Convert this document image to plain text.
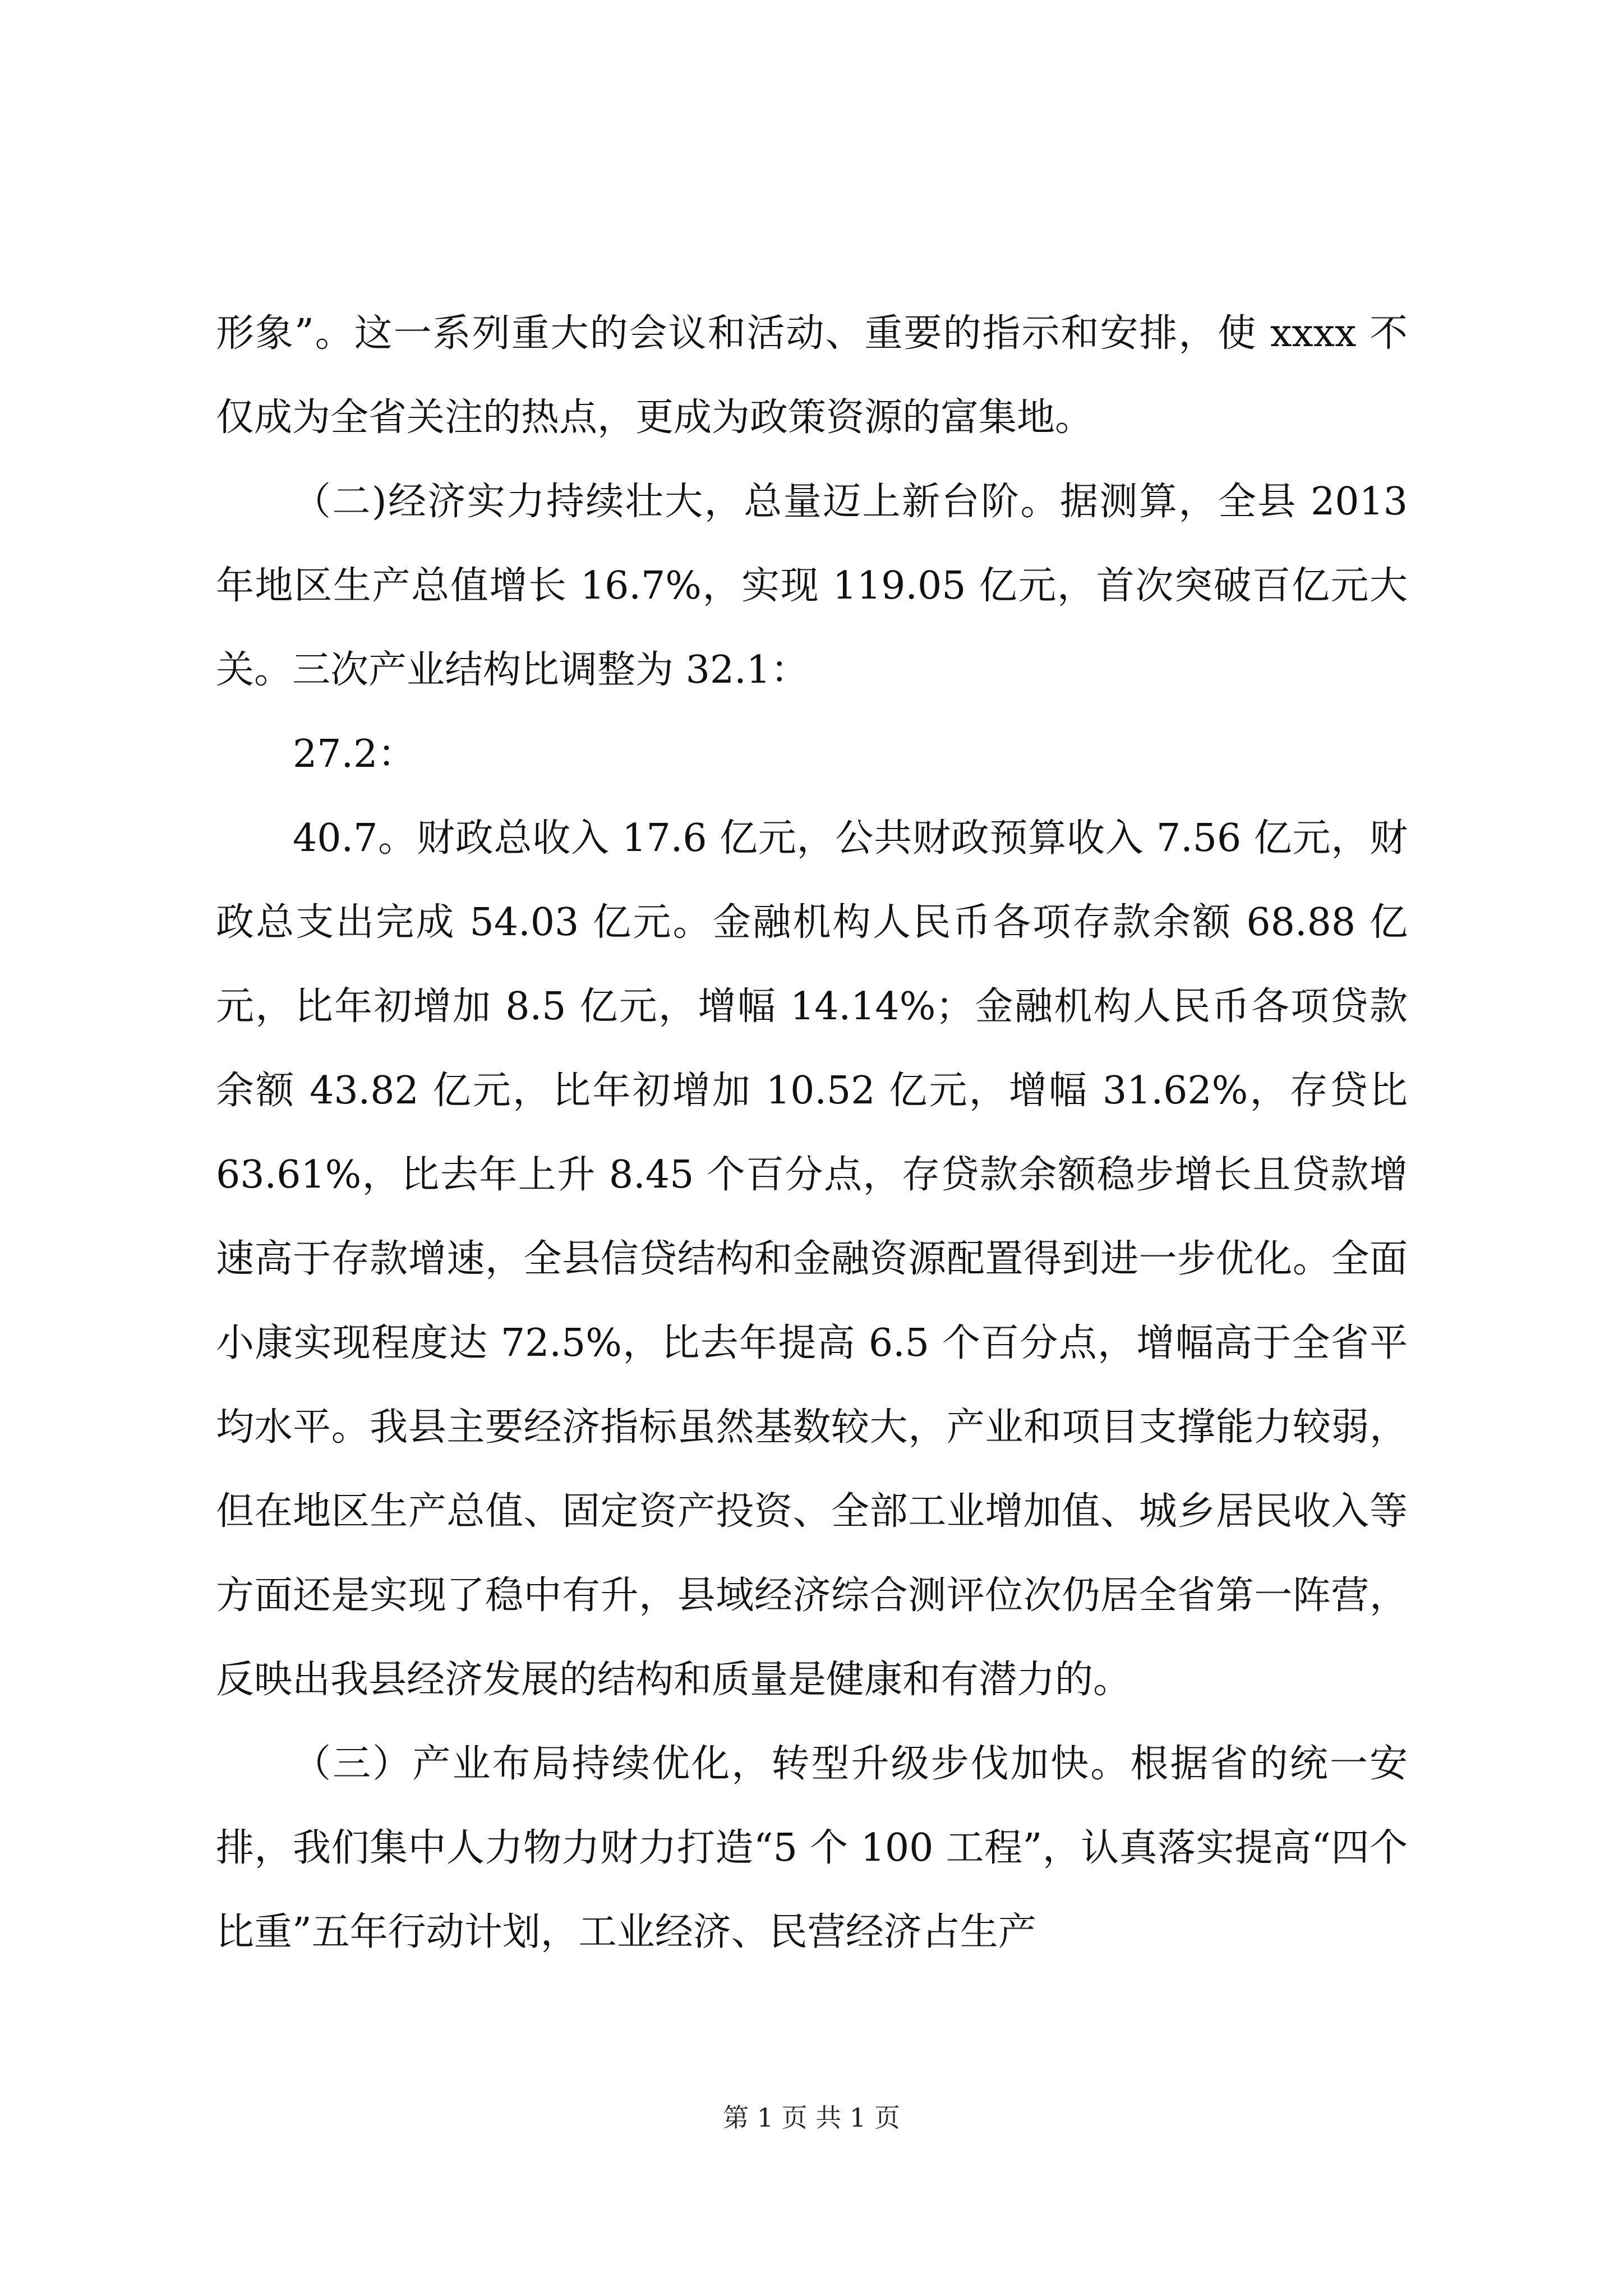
形象”。这一系列重大的会议和活动、重要的指示和安排，使 xxxx 不仅成为全省关注的热点，更成为政策资源的富集地。

（二)经济实力持续壮大，总量迈上新台阶。据测算，全县 2013 年地区生产总值增长 16.7%，实现 119.05 亿元，首次突破百亿元大关。三次产业结构比调整为 32.1：

27.2：

40.7。财政总收入 17.6 亿元，公共财政预算收入 7.56 亿元，财政总支出完成 54.03 亿元。金融机构人民币各项存款余额 68.88 亿元，比年初增加 8.5 亿元，增幅 14.14%；金融机构人民币各项贷款余额 43.82 亿元，比年初增加 10.52 亿元，增幅 31.62%，存贷比 63.61%，比去年上升 8.45 个百分点，存贷款余额稳步增长且贷款增速高于存款增速，全县信贷结构和金融资源配置得到进一步优化。全面小康实现程度达 72.5%，比去年提高 6.5 个百分点，增幅高于全省平均水平。我县主要经济指标虽然基数较大，产业和项目支撑能力较弱，但在地区生产总值、固定资产投资、全部工业增加值、城乡居民收入等方面还是实现了稳中有升，县域经济综合测评位次仍居全省第一阵营，反映出我县经济发展的结构和质量是健康和有潜力的。

（三）产业布局持续优化，转型升级步伐加快。根据省的统一安排，我们集中人力物力财力打造“5 个 100 工程”，认真落实提高“四个比重”五年行动计划，工业经济、民营经济占生产

第 1 页 共 1 页
